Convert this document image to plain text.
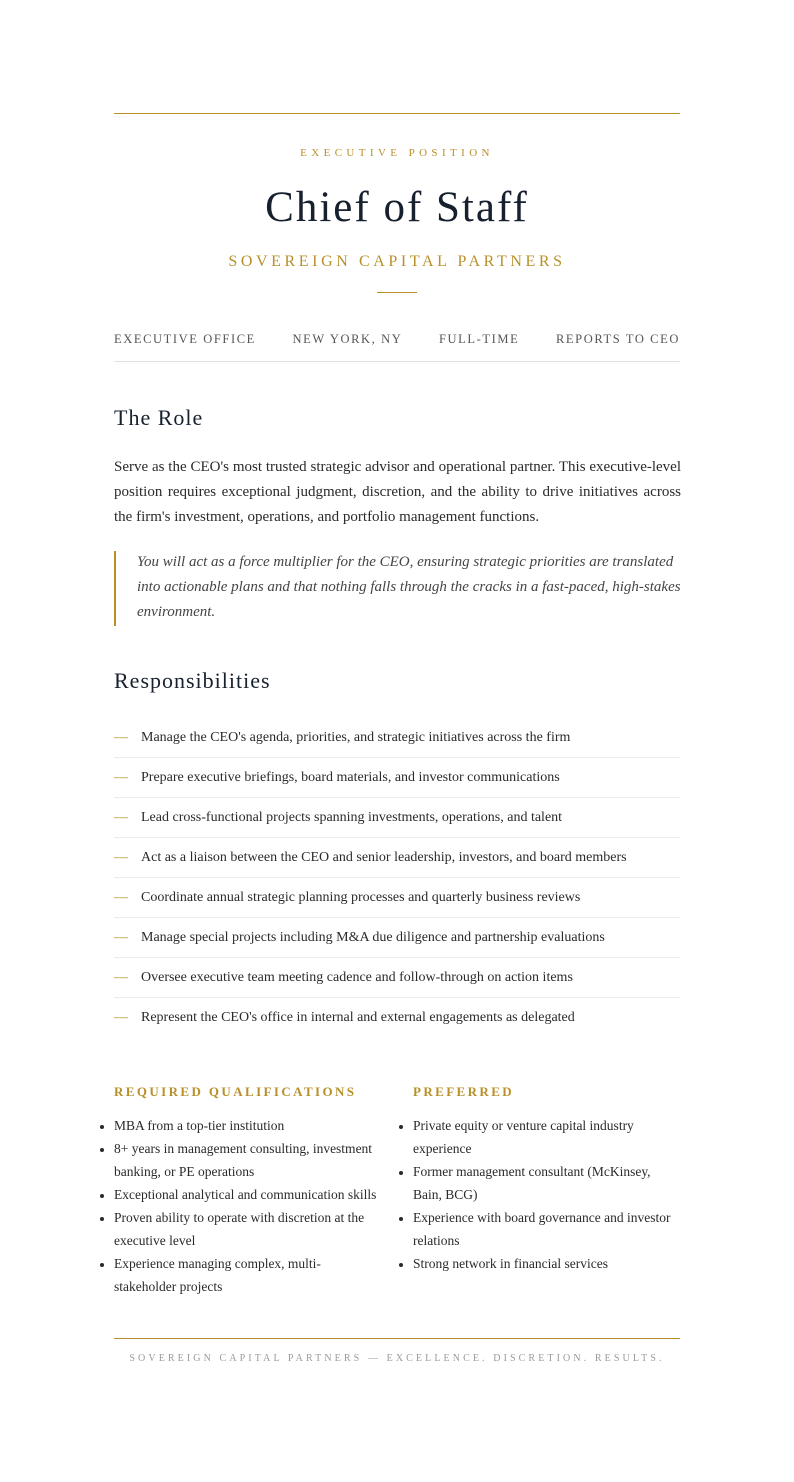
EXECUTIVE POSITION
Chief of Staff
SOVEREIGN CAPITAL PARTNERS
EXECUTIVE OFFICE	NEW YORK, NY	FULL-TIME	REPORTS TO CEO
The Role

Serve as the CEO's most trusted strategic advisor and operational partner. This executive-level position requires exceptional judgment, discretion, and the ability to drive initiatives across the firm's investment, operations, and portfolio management functions.

You will act as a force multiplier for the CEO, ensuring strategic priorities are translated into actionable plans and that nothing falls through the cracks in a fast-paced, high-stakes environment.

Responsibilities
— Manage the CEO's agenda, priorities, and strategic initiatives across the firm
— Prepare executive briefings, board materials, and investor communications
— Lead cross-functional projects spanning investments, operations, and talent
— Act as a liaison between the CEO and senior leadership, investors, and board members
— Coordinate annual strategic planning processes and quarterly business reviews
— Manage special projects including M&A due diligence and partnership evaluations
— Oversee executive team meeting cadence and follow-through on action items
— Represent the CEO's office in internal and external engagements as delegated
REQUIRED QUALIFICATIONS
• MBA from a top-tier institution
• 8+ years in management consulting, investment banking, or PE operations
• Exceptional analytical and communication skills
• Proven ability to operate with discretion at the executive level
• Experience managing complex, multi-stakeholder projects
PREFERRED
• Private equity or venture capital industry experience
• Former management consultant (McKinsey, Bain, BCG)
• Experience with board governance and investor relations
• Strong network in financial services
SOVEREIGN CAPITAL PARTNERS — EXCELLENCE. DISCRETION. RESULTS.
